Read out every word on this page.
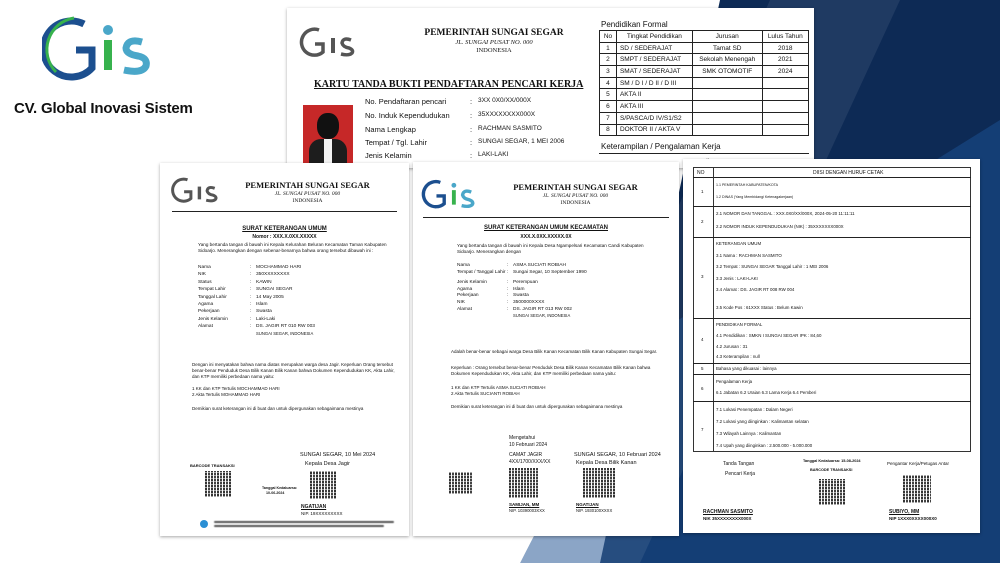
CV. Global Inovasi Sistem
PEMERINTAH SUNGAI SEGAR
JL. SUNGAI PUSAT NO. 000
INDONESIA
KARTU TANDA BUKTI PENDAFTARAN PENCARI KERJA
No. Pendaftaran pencari	: 3XX 0X0/XX/000X
No. Induk Kependudukan	: 35XXXXXXXX000X
Nama Lengkap	: RACHMAN SASMITO
Tempat / Tgl. Lahir	: SUNGAI SEGAR, 1 MEI 2006
Jenis Kelamin	: LAKI-LAKI
Pendidikan Formal
No	Tingkat Pendidikan	Jurusan	Lulus Tahun
1	SD / SEDERAJAT	Tamat SD	2018
2	SMPT / SEDERAJAT	Sekolah Menengah	2021
3	SMAT / SEDERAJAT	SMK OTOMOTIF	2024
4	SM / D I / D II / D III		
5	AKTA II		
6	AKTA III		
7	S/PASCA/D IV/S1/S2		
8	DOKTOR II / AKTA V		
Keterampilan / Pengalaman Kerja
PEMERINTAH SUNGAI SEGAR
JL. SUNGAI PUSAT NO. 000
INDONESIA
SURAT KETERANGAN UMUM
Nomor : XXX.X.0XX.XXXXX
Yang bertanda tangan di bawah ini Kepala Kelurahan Beluran Kecamatan Taman Kabupaten Sidoarjo. Menerangkan dengan sebenar-benarnya bahwa orang tersebut dibawah ini :
Nama	: MOCHAMMAD HARI
NIK	: 350XXXXXXXX
Status	: KAWIN
Tempat Lahir	: SUNGAI SEGAR
Tanggal Lahir	: 14 May 2005
Agama	: Islam
Pekerjaan	: Swasta
Jenis Kelamin	: Laki-Laki
Alamat	: DS. JAGIR RT 010 RW 003
SUNGAI SEGAR, INDONESIA
Dengan ini menyatakan bahwa nama diatas merupakan warga desa Jagir. Keperluan Orang tersebut benar-benar Penduduk Desa Bilik Kanan Bilik Kanan bahwa Dokumen Kependudukan KK, Akta Lahir, dan KTP memiliki perbedaan nama yaitu:
1 KK dan KTP Tertulis MOCHAMMAD HARI
2 Akta Tertulis MOHAMMAD HARI
Demikian surat keterangan ini di buat dan untuk dipergunakan sebagaimana mestinya
SUNGAI SEGAR, 10 Mei 2024
Kepala Desa Jagir
BARCODE TRANSAKSI
Tanggal Kedaluarsa:
10-06-2024
NGATIJAN
NIP. 19XXXXXXXXX
PEMERINTAH SUNGAI SEGAR
JL. SUNGAI PUSAT NO. 000
INDONESIA
SURAT KETERANGAN UMUM KECAMATAN
XXX.X.0XX.XXXXX.0X
Yang bertanda tangan di bawah ini Kepala Desa Ngampelsari Kecamatan Candi Kabupaten Sidoarjo. Menerangkan dengan
Nama	: ASMA SUCIATI ROBIAH
Tempat / Tanggal Lahir : Sungai Segar, 10 September 1990
Jenis Kelamin	: Perempuan
Agama	: Islam
Pekerjaan	: Swasta
NIK	: 3500000XXXX
Alamat	: DS. JAGIR RT 013 RW 002
SUNGAI SEGAR, INDONESIA
Adalah benar-benar sebagai warga Desa Bilik Kanan Kecamatan Bilik Kanan Kabupaten Sungai Segar.
Keperluan : Orang tersebut benar-benar Penduduk Desa Bilik Kanan Kecamatan Bilik Kanan bahwa Dokumen Kependudukan KK, Akta Lahir, dan KTP memiliki perbedaan nama yaitu:
1 KK dan KTP Tertulis ASMA SUCIATI ROBIAH
2 Akta Tertulis SUCIANTI ROBIAH
Demikian surat keterangan ini di buat dan untuk dipergunakan sebagaimana mestinya
Mengetahui
10 Februari 2024
CAMAT JAGIR
4XX/1700/XXX/XX
SUNGAI SEGAR, 10 Februari 2024
Kepala Desa Bilik Kanan
SAMIJAN, MM
NIP. 10390003XXX
NGATIJAN
NIP. 1930100XXXX
NO	DIISI DENGAN HURUF CETAK
1
1.1 PEMERINTAH KABUPATEN/KOTA
1.2 DINAS (Yang Membidangi Ketenagakerjaan)
2
2.1 NOMOR DAN TANGGAL : XXX.0X0/XX/000X, 2024-05-20 11:11:11
2.2 NOMOR INDUK KEPENDUDUKAN (NIK) : 35XXXXXXX000X
3
KETERANGAN UMUM
3.1 Nama : RACHMAN SASMITO
3.2 Tempat : SUNGAI SEGAR Tanggal Lahir : 1 MEI 2006
3.3 Jenis : LAKI-LAKI
3.4 Alamat : DS. JAGIR RT 008 RW 004
3.5 Kode Pos : 61XXX Status : Belum Kawin
4
PENDIDIKAN FORMAL
4.1 Pendidikan : SMKN I SUNGAI SEGAR IPK : 84,60
4.2 Jurusan : 31
4.3 Keterampilan : null
5	Bahasa yang dikuasai : lainnya
6
Pengalaman Kerja
6.1 Jabatan 6.2 Uraian 6.3 Lama Kerja 6.4 Pemberi
7
7.1 Lokasi Penempatan : Dalam Negeri
7.2 Lokasi yang diinginkan : Kalimantan selatan
7.3 Wilayah Lainnya : Kalimantan
7.4 Upah yang diinginkan : 2.500.000 - 5.000.000
Tanda Tangan
Pencari Kerja
Tanggal Kedaluarsa: 15-08-2024
BARCODE TRANSAKSI
Pengantar Kerja/Petugas Antar
RACHMAN SASMITO
NIK 35XXXXXXXX000X
SUBIYO, MM
NIP 1XXX0XXXX000X0
